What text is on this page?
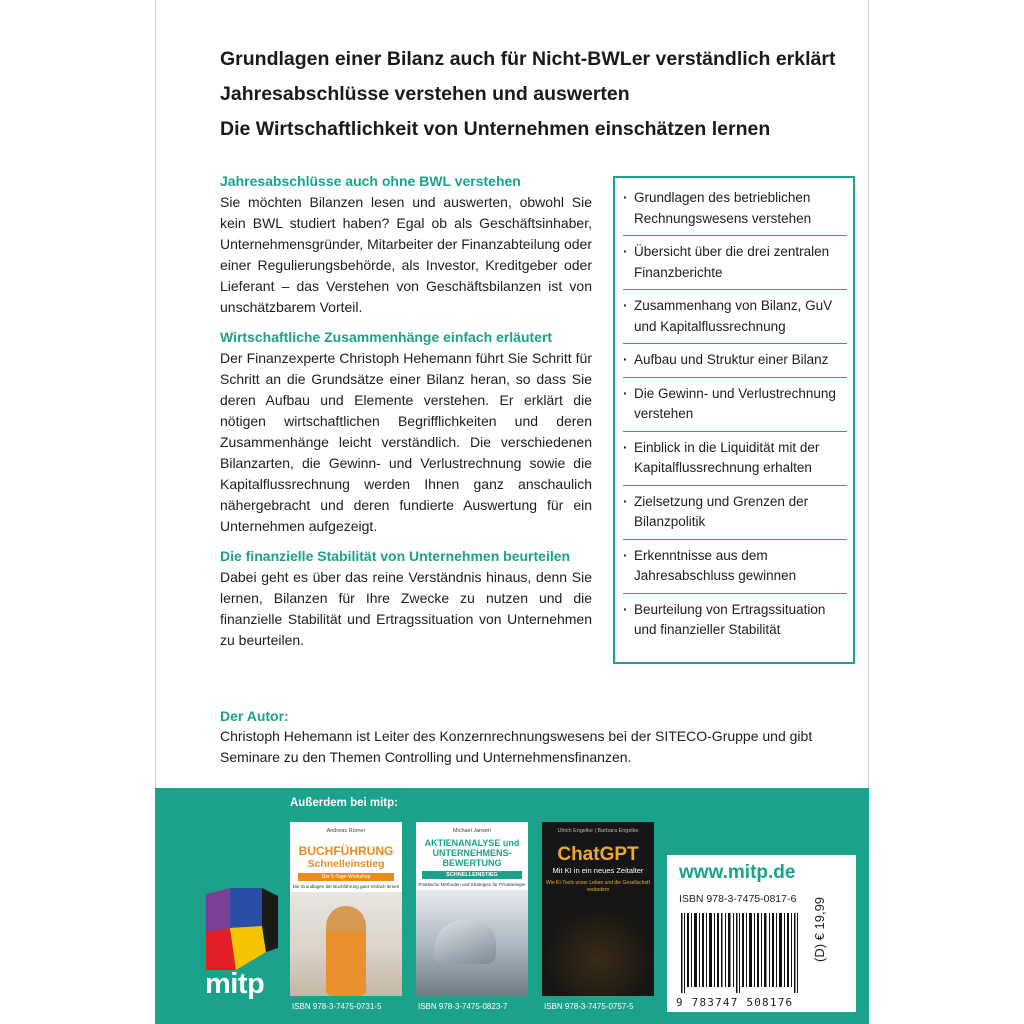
Grundlagen einer Bilanz auch für Nicht-BWLer verständlich erklärt
Jahresabschlüsse verstehen und auswerten
Die Wirtschaftlichkeit von Unternehmen einschätzen lernen
Jahresabschlüsse auch ohne BWL verstehen

Sie möchten Bilanzen lesen und auswerten, obwohl Sie kein BWL studiert haben? Egal ob als Geschäftsinhaber, Unternehmensgründer, Mitarbeiter der Finanzabteilung oder einer Regulierungsbehörde, als Investor, Kreditgeber oder Lieferant – das Verstehen von Geschäftsbilanzen ist von unschätzbarem Vorteil.

Wirtschaftliche Zusammenhänge einfach erläutert

Der Finanzexperte Christoph Hehemann führt Sie Schritt für Schritt an die Grundsätze einer Bilanz heran, so dass Sie deren Aufbau und Elemente verstehen. Er erklärt die nötigen wirtschaftlichen Begrifflichkeiten und deren Zusammenhänge leicht verständlich. Die verschiedenen Bilanzarten, die Gewinn- und Verlustrechnung sowie die Kapitalflussrechnung werden Ihnen ganz anschaulich nähergebracht und deren fundierte Auswertung für ein Unternehmen aufgezeigt.

Die finanzielle Stabilität von Unternehmen beurteilen

Dabei geht es über das reine Verständnis hinaus, denn Sie lernen, Bilanzen für Ihre Zwecke zu nutzen und die finanzielle Stabilität und Ertragssituation von Unternehmen zu beurteilen.

· Grundlagen des betrieblichen Rechnungswesens verstehen
· Übersicht über die drei zentralen Finanzberichte
· Zusammenhang von Bilanz, GuV und Kapitalflussrechnung
· Aufbau und Struktur einer Bilanz
· Die Gewinn- und Verlustrechnung verstehen
· Einblick in die Liquidität mit der Kapitalflussrechnung erhalten
· Zielsetzung und Grenzen der Bilanzpolitik
· Erkenntnisse aus dem Jahresabschluss gewinnen
· Beurteilung von Ertragssituation und finanzieller Stabilität
Der Autor:

Christoph Hehemann ist Leiter des Konzernrechnungswesens bei der SITECO-Gruppe und gibt Seminare zu den Themen Controlling und Unternehmensfinanzen.

Außerdem bei mitp:
Andreas Rürner
BUCHFÜHRUNG
Schnelleinstieg
Der 5-Tage-Workshop
Die Grundlagen der Buchführung ganz einfach lernen
ISBN 978-3-7475-0731-5
Michael Jansen
AKTIENANALYSE und UNTERNEHMENS-BEWERTUNG
SCHNELLEINSTIEG
Praktische Methoden und Strategien für Privatanleger
ISBN 978-3-7475-0823-7
Ulrich Engelke | Barbara Engelke
ChatGPT
Mit KI in ein neues Zeitalter
Wie KI-Tools unser Leben und die Gesellschaft verändern
ISBN 978-3-7475-0757-5
www.mitp.de
ISBN 978-3-7475-0817-6
9 783747 508176
(D) € 19,99
mitp
